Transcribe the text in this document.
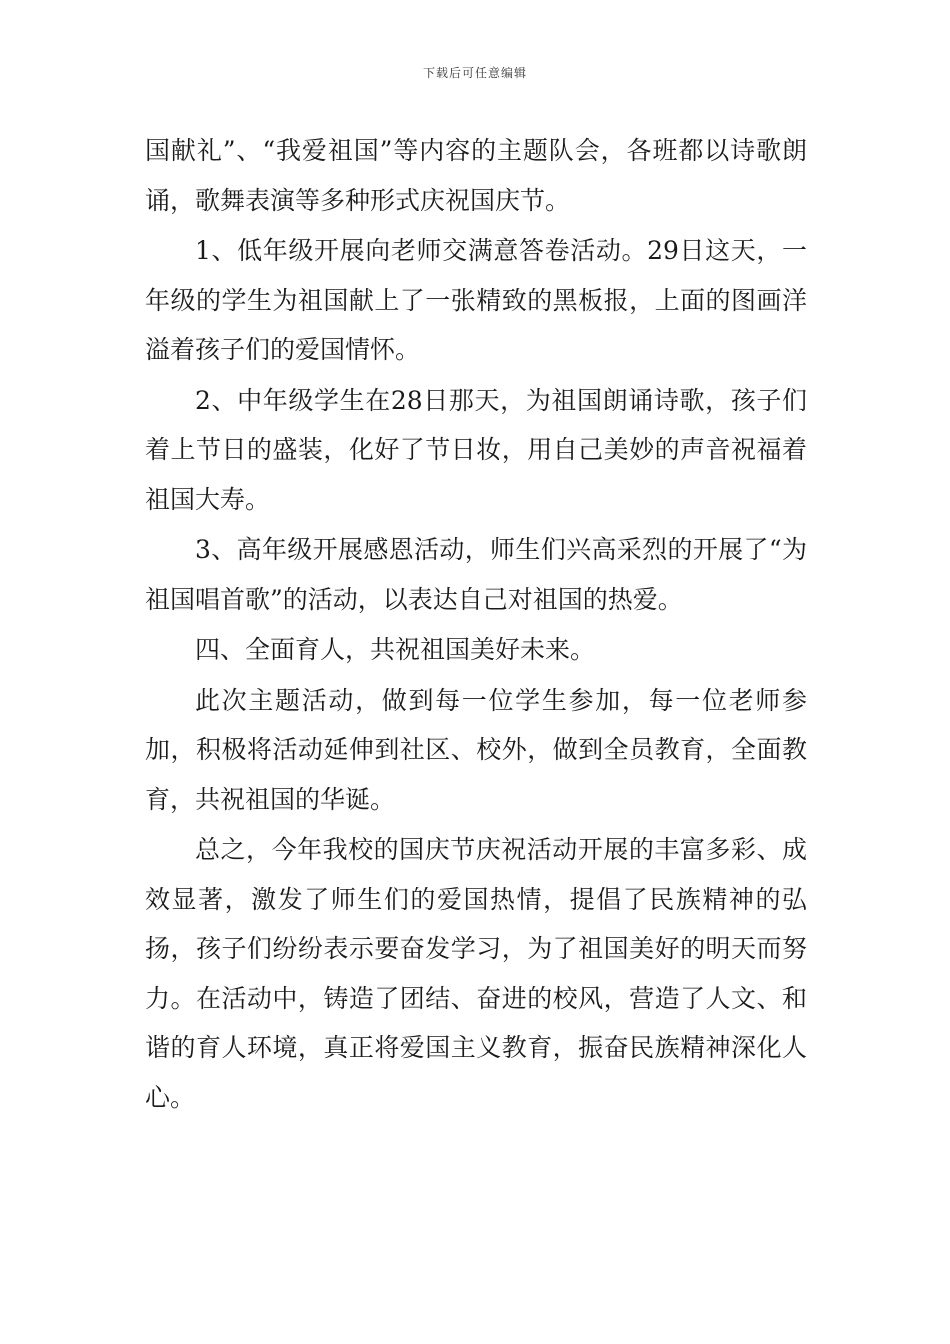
下载后可任意编辑

国献礼”、“我爱祖国”等内容的主题队会，各班都以诗歌朗诵，歌舞表演等多种形式庆祝国庆节。

1、低年级开展向老师交满意答卷活动。29日这天，一年级的学生为祖国献上了一张精致的黑板报，上面的图画洋溢着孩子们的爱国情怀。

2、中年级学生在28日那天，为祖国朗诵诗歌，孩子们着上节日的盛装，化好了节日妆，用自己美妙的声音祝福着祖国大寿。

3、高年级开展感恩活动，师生们兴高采烈的开展了“为祖国唱首歌”的活动，以表达自己对祖国的热爱。

四、全面育人，共祝祖国美好未来。

此次主题活动，做到每一位学生参加，每一位老师参加，积极将活动延伸到社区、校外，做到全员教育，全面教育，共祝祖国的华诞。

总之，今年我校的国庆节庆祝活动开展的丰富多彩、成效显著，激发了师生们的爱国热情，提倡了民族精神的弘扬，孩子们纷纷表示要奋发学习，为了祖国美好的明天而努力。在活动中，铸造了团结、奋进的校风，营造了人文、和谐的育人环境，真正将爱国主义教育，振奋民族精神深化人心。
